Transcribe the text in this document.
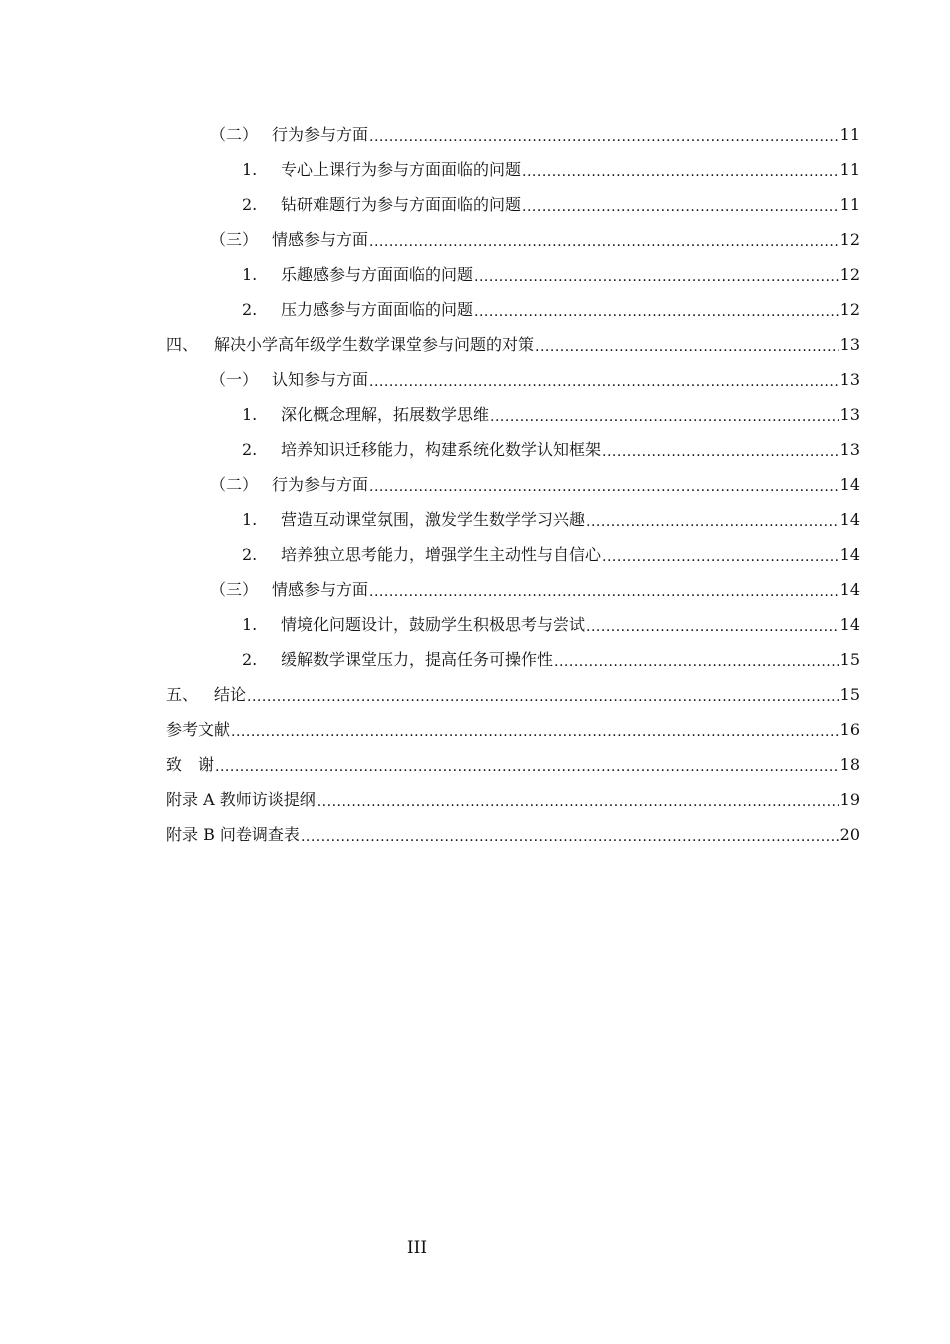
（二） 行为参与方面 .....	11
1.	专心上课行为参与方面面临的问题 .....	11
2.	钻研难题行为参与方面面临的问题 .....	11
（三） 情感参与方面 .....	12
1.	乐趣感参与方面面临的问题 .....	12
2.	压力感参与方面面临的问题 .....	12
四、 解决小学高年级学生数学课堂参与问题的对策 .....	13
（一） 认知参与方面 .....	13
1.	深化概念理解，拓展数学思维 .....	13
2.	培养知识迁移能力，构建系统化数学认知框架 .....	13
（二） 行为参与方面 .....	14
1.	营造互动课堂氛围，激发学生数学学习兴趣 .....	14
2.	培养独立思考能力，增强学生主动性与自信心 .....	14
（三） 情感参与方面 .....	14
1.	情境化问题设计，鼓励学生积极思考与尝试 .....	14
2.	缓解数学课堂压力，提高任务可操作性 .....	15
五、 结论 .....	15
参考文献 .....	16
致　谢 .....	18
附录 A 教师访谈提纲 .....	19
附录 B 问卷调查表 .....	20
III
